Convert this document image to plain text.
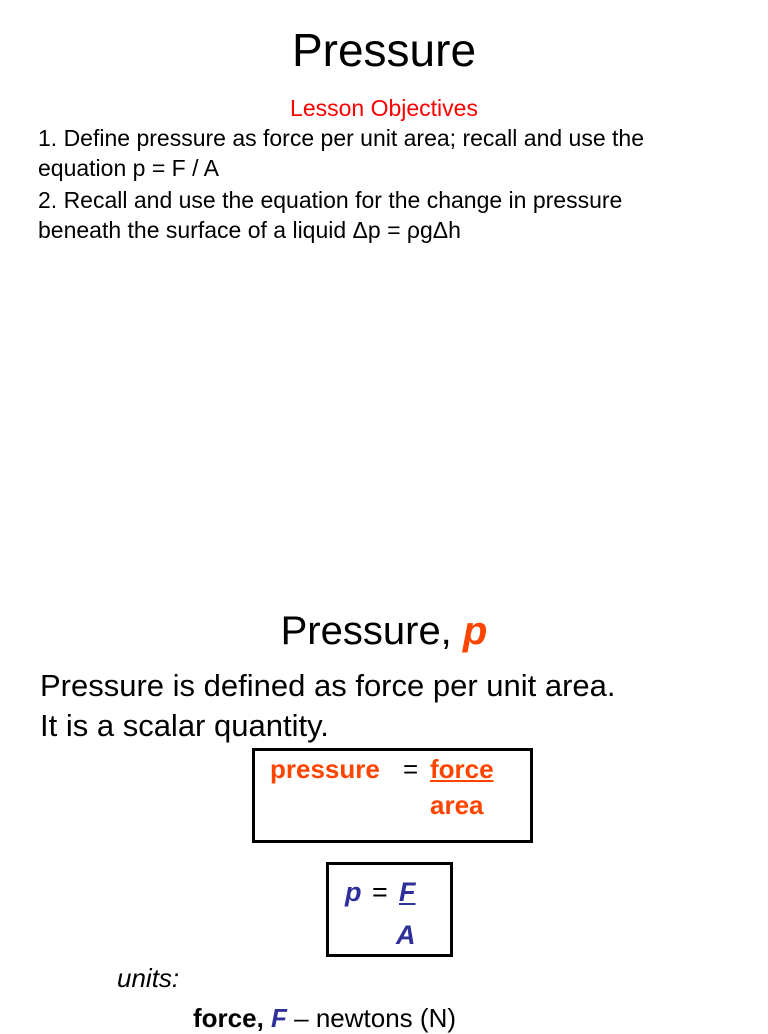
Pressure
Lesson Objectives
1. Define pressure as force per unit area; recall and use the
equation p = F / A
2. Recall and use the equation for the change in pressure
beneath the surface of a liquid Δp = ρgΔh
Pressure, p
Pressure is defined as force per unit area.
It is a scalar quantity.
pressure = force
area
p = F
A
units:
force, F – newtons (N)
